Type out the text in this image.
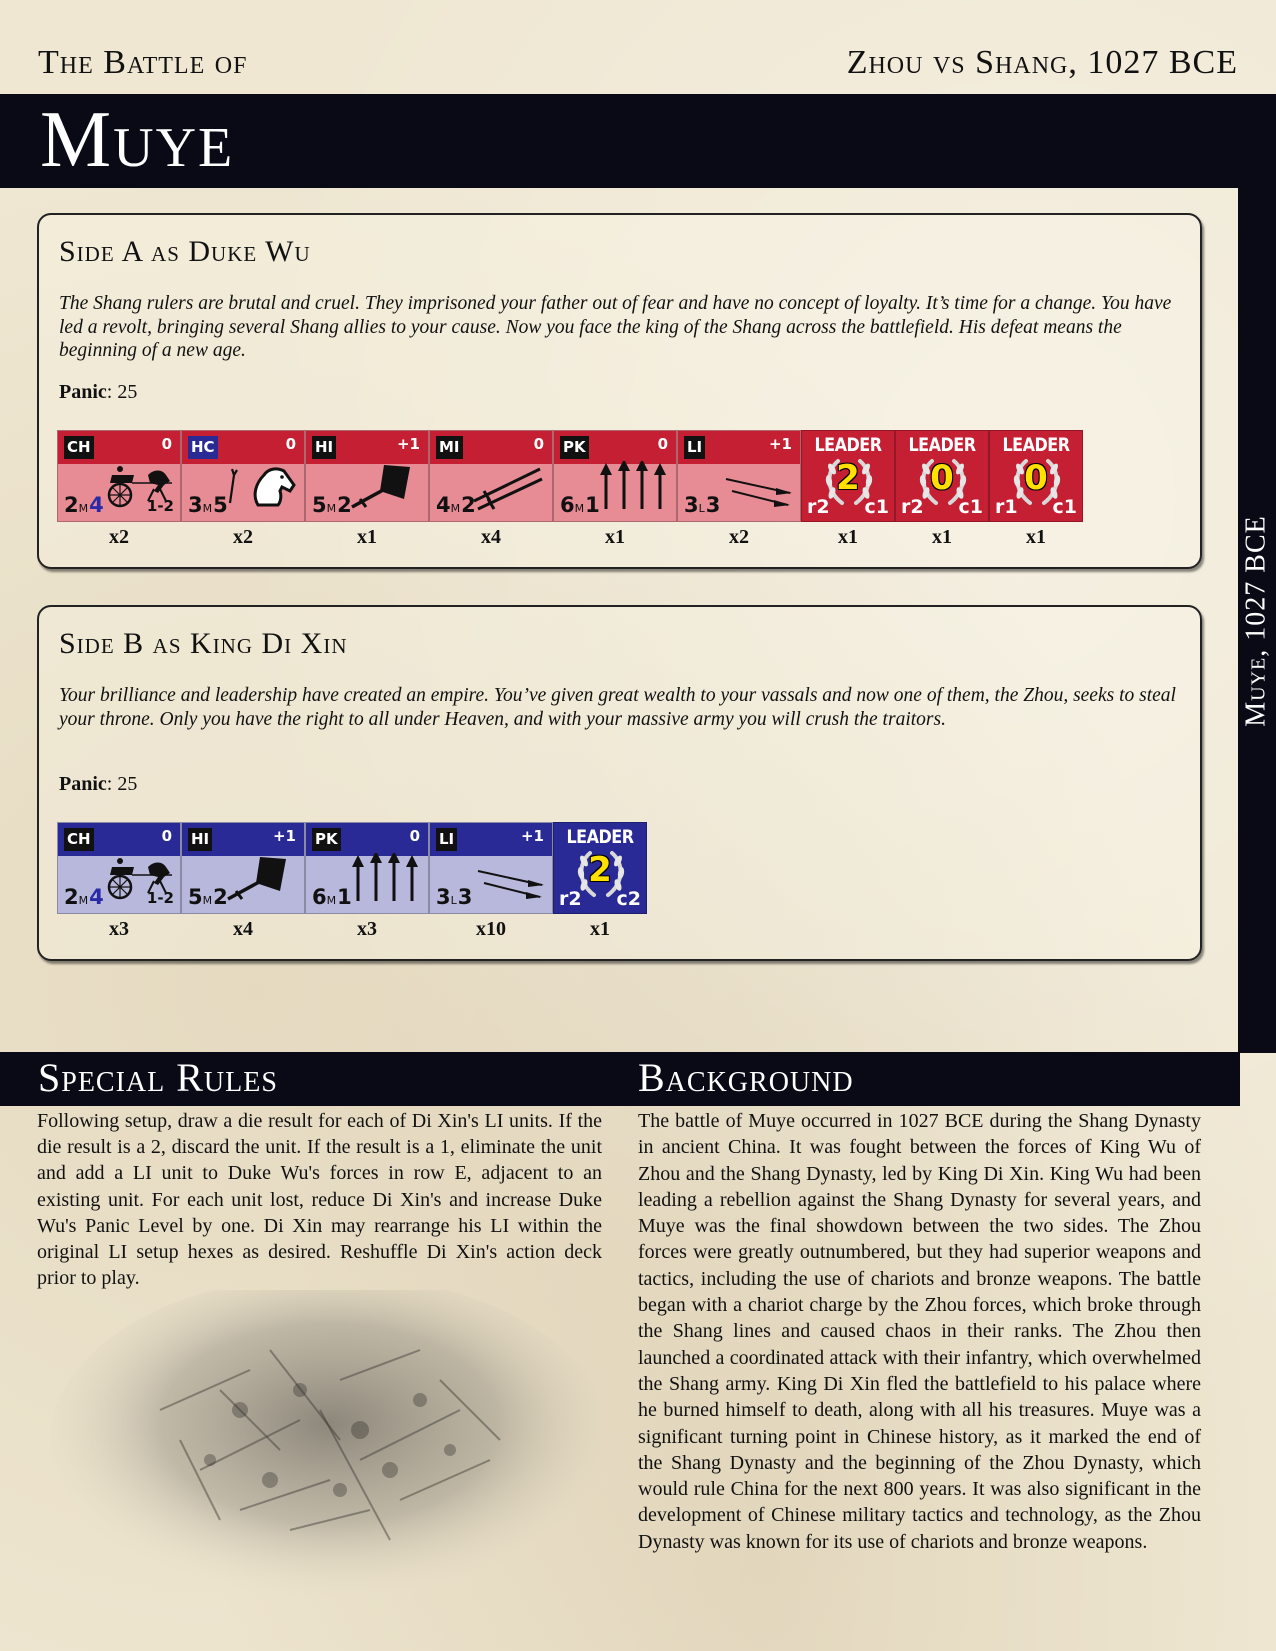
The Battle of	Zhou vs Shang, 1027 BCE
Muye
Muye, 1027 BCE
Side A as Duke Wu

The Shang rulers are brutal and cruel. They imprisoned your father out of fear and have no concept of loyalty. It’s time for a change. You have led a revolt, bringing several Shang allies to your cause. Now you face the king of the Shang across the battlefield. His defeat means the beginning of a new age.

Panic: 25
CH	0
2M4	1-2
x2
HC	0
3M5
x2
HI	+1
5M2
x1
MI	0
4M2
x4
PK	0
6M1
x1
LI	+1
3L3
x2
LEADER
2
r2 c1
x1
LEADER
0
r2 c1
x1
LEADER
0
r1 c1
x1
Side B as King Di Xin

Your brilliance and leadership have created an empire. You’ve given great wealth to your vassals and now one of them, the Zhou, seeks to steal your throne. Only you have the right to all under Heaven, and with your massive army you will crush the traitors.

Panic: 25
CH	0
2M4	1-2
x3
HI	+1
5M2
x4
PK	0
6M1
x3
LI	+1
3L3
x10
LEADER
2
r2 c2
x1
Special Rules	Background

Following setup, draw a die result for each of Di Xin's LI units. If the die result is a 2, discard the unit. If the result is a 1, eliminate the unit and add a LI unit to Duke Wu's forces in row E, adjacent to an existing unit. For each unit lost, reduce Di Xin's and increase Duke Wu's Panic Level by one. Di Xin may rearrange his LI within the original LI setup hexes as desired. Reshuffle Di Xin's action deck prior to play.

The battle of Muye occurred in 1027 BCE during the Shang Dynasty in ancient China. It was fought between the forces of King Wu of Zhou and the Shang Dynasty, led by King Di Xin. King Wu had been leading a rebellion against the Shang Dynasty for several years, and Muye was the final showdown between the two sides. The Zhou forces were greatly outnumbered, but they had superior weapons and tactics, including the use of chariots and bronze weapons. The battle began with a chariot charge by the Zhou forces, which broke through the Shang lines and caused chaos in their ranks. The Zhou then launched a coordinated attack with their infantry, which overwhelmed the Shang army. King Di Xin fled the battlefield to his palace where he burned himself to death, along with all his treasures. Muye was a significant turning point in Chinese history, as it marked the end of the Shang Dynasty and the beginning of the Zhou Dynasty, which would rule China for the next 800 years. It was also significant in the development of Chinese military tactics and technology, as the Zhou Dynasty was known for its use of chariots and bronze weapons.
